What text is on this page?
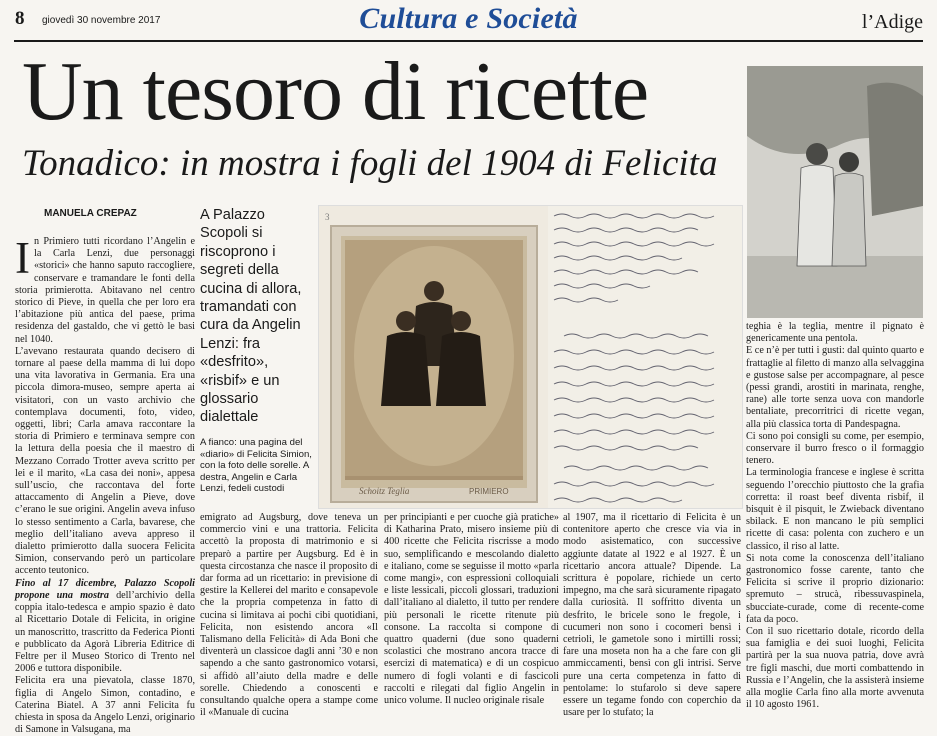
8 giovedì 30 novembre 2017	Cultura e Società	l’Adige
Un tesoro di ricette
Tonadico: in mostra i fogli del 1904 di Felicita
MANUELA CREPAZ

I n Primiero tutti ricordano l’Angelin e la Carla Lenzi, due personaggi «storici» che hanno saputo raccogliere, conservare e tramandare le fonti della storia primierotta. Abitavano nel centro storico di Pieve, in quella che per loro era l’abitazione più antica del paese, prima residenza del gastaldo, che vi gettò le basi nel 1040.

L’avevano restaurata quando decisero di tornare al paese della mamma di lui dopo una vita lavorativa in Germania. Era una piccola dimora-museo, sempre aperta ai visitatori, con un vasto archivio che contemplava documenti, foto, video, oggetti, libri; Carla amava raccontare la storia di Primiero e terminava sempre con la lettura della poesia che il maestro di Mezzano Corrado Trotter aveva scritto per lei e il marito, «La casa dei noni», appesa sull’uscio, che raccontava del forte attaccamento di Angelin a Pieve, dove c’erano le sue origini. Angelin aveva infuso lo stesso sentimento a Carla, bavarese, che meglio dell’italiano aveva appreso il dialetto primierotto dalla suocera Felicita Simion, conservando però un particolare accento teutonico.

Fino al 17 dicembre, Palazzo Scopoli propone una mostra dell’archivio della coppia italo-tedesca e ampio spazio è dato al Ricettario Dotale di Felicita, in origine un manoscritto, trascritto da Federica Pionti e pubblicato da Agorà Libreria Editrice di Feltre per il Museo Storico di Trento nel 2006 e tuttora disponibile.

Felicita era una pievatola, classe 1870, figlia di Angelo Simon, contadino, e Caterina Biatel. A 37 anni Felicita fu chiesta in sposa da Angelo Lenzi, originario di Samone in Valsugana, ma

A Palazzo Scopoli si riscoprono i segreti della cucina di allora, tramandati con cura da Angelin Lenzi: fra «desfrito», «risbif» e un glossario dialettale
A fianco: una pagina del «diario» di Felicita Simion, con la foto delle sorelle. A destra, Angelin e Carla Lenzi, fedeli custodi
3
Schoitz Teglia	PRIMIERO
emigrato ad Augsburg, dove teneva un commercio vini e una trattoria. Felicita accettò la proposta di matrimonio e si preparò a partire per Augsburg. Ed è in questa circostanza che nasce il proposito di dar forma ad un ricettario: in previsione di gestire la Kellerei del marito e consapevole che la propria competenza in fatto di cucina si limitava ai pochi cibi quotidiani, Felicita, non esistendo ancora «Il Talismano della Felicità» di Ada Boni che diventerà un classicoe dagli anni ’30 e non sapendo a che santo gastronomico votarsi, si affidò all’aiuto della madre e delle sorelle. Chiedendo a conoscenti e consultando qualche opera a stampe come il «Manuale di cucina
per principianti e per cuoche già pratiche» di Katharina Prato, misero insieme più di 400 ricette che Felicita riscrisse a modo suo, semplificando e mescolando dialetto e italiano, come se seguisse il motto «parla come mangi», con espressioni colloquiali e liste lessicali, piccoli glossari, traduzioni dall’italiano al dialetto, il tutto per rendere più personali le ricette ritenute più consone. La raccolta si compone di quattro quaderni (due sono quaderni scolastici che mostrano ancora tracce di esercizi di matematica) e di un cospicuo numero di fogli volanti e di fascicoli raccolti e rilegati dal figlio Angelin in unico volume. Il nucleo originale risale
al 1907, ma il ricettario di Felicita è un contenitore aperto che cresce via via in modo asistematico, con successive aggiunte datate al 1922 e al 1927. È un ricettario ancora attuale? Dipende. La scrittura è popolare, richiede un certo impegno, ma che sarà sicuramente ripagato dalla curiosità. Il soffritto diventa un desfrito, le bricele sono le fregole, i cucumeri non sono i cocomeri bensì i cetrioli, le gametole sono i mirtilli rossi; fare una moseta non ha a che fare con gli ammiccamenti, bensì con gli intrisi. Serve pure una certa competenza in fatto di pentolame: lo stufarolo si deve sapere essere un tegame fondo con coperchio da usare per lo stufato; la

teghia è la teglia, mentre il pignato è genericamente una pentola.

E ce n’è per tutti i gusti: dal quinto quarto e frattaglie al filetto di manzo alla selvaggina e gustose salse per accompagnare, al pesce (pessi grandi, arostiti in marinata, renghe, rane) alle torte senza uova con mandorle bentaliate, precorritrici di ricette vegan, alla più classica torta di Pandespagna.

Ci sono poi consigli su come, per esempio, conservare il burro fresco o il formaggio tenero.

La terminologia francese e inglese è scritta seguendo l’orecchio piuttosto che la grafia corretta: il roast beef diventa risbif, il bisquit è il pisquit, le Zwieback diventano sbilack. E non mancano le più semplici ricette di casa: polenta con zuchero e un classico, il riso al latte.

Si nota come la conoscenza dell’italiano gastronomico fosse carente, tanto che Felicita si scrive il proprio dizionario: spremuto – strucà, ribessuvaspinela, sbucciate-curade, come di recente-come fata da poco.

Con il suo ricettario dotale, ricordo della sua famiglia e dei suoi luoghi, Felicita partirà per la sua nuova patria, dove avrà tre figli maschi, due morti combattendo in Russia e l’Angelin, che la assisterà insieme alla moglie Carla fino alla morte avvenuta il 10 agosto 1961.
